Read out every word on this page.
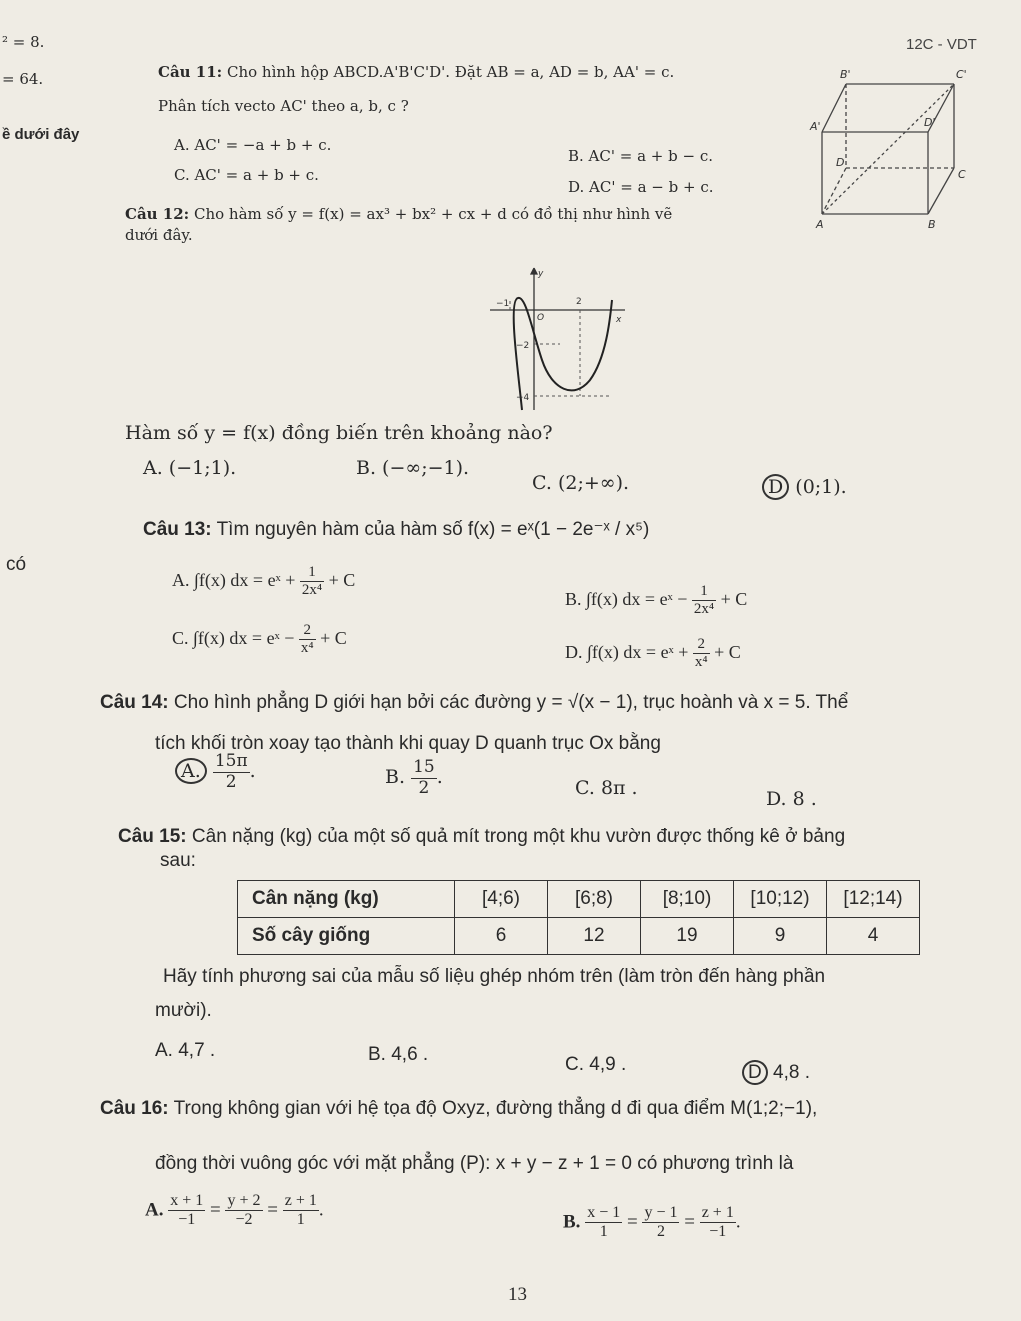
² = 8.
= 64.
ề dưới đây
có
12C - VDT
Câu 11: Cho hình hộp ABCD.A'B'C'D'. Đặt AB = a, AD = b, AA' = c.
Phân tích vecto AC' theo a, b, c ?
A. AC' = −a + b + c.
B. AC' = a + b − c.
C. AC' = a + b + c.
D. AC' = a − b + c.
B'	C'
A'	D'
D
C
A	B
Câu 12: Cho hàm số y = f(x) = ax³ + bx² + cx + d có đồ thị như hình vẽ
dưới đây.
y
x
O
−1	2
−2
−4
Hàm số y = f(x) đồng biến trên khoảng nào?
A. (−1;1).	B. (−∞;−1).
C. (2;+∞).	D (0;1).
Câu 13: Tìm nguyên hàm của hàm số f(x) = eˣ(1 − 2e⁻ˣ / x⁵)
A. ∫f(x) dx = eˣ + $\frac{1}{\text{2x⁴}} + C$
B. ∫f(x) dx = eˣ − $\frac{1}{\text{2x⁴}} + C$
C. ∫f(x) dx = eˣ − $\frac{2}{\text{x⁴}} + C$
D. ∫f(x) dx = eˣ + $\frac{2}{\text{x⁴}} + C$
Câu 14: Cho hình phẳng D giới hạn bởi các đường y = √(x − 1), trục hoành và x = 5. Thể
tích khối tròn xoay tạo thành khi quay D quanh trục Ox bằng
A. $\frac{15\pi}{2}$ .	B. $\frac{15}{2}$ .	C. 8π .	D. 8 .
Câu 15: Cân nặng (kg) của một số quả mít trong một khu vườn được thống kê ở bảng
sau:
Cân nặng (kg)	[4;6)	[6;8)	[8;10)	[10;12)	[12;14)
Số cây giống	6	12	19	9	4
Hãy tính phương sai của mẫu số liệu ghép nhóm trên (làm tròn đến hàng phần
mười).
A. 4,7 .	B. 4,6 .	C. 4,9 .	D 4,8 .
Câu 16: Trong không gian với hệ tọa độ Oxyz, đường thẳng d đi qua điểm M(1;2;−1),
đồng thời vuông góc với mặt phẳng (P): x + y − z + 1 = 0 có phương trình là
A. $\frac{x + 1}{-1} = \frac{y + 2}{-2} = \frac{z + 1}{1}$ .
B. $\frac{x - 1}{1} = \frac{y - 1}{2} = \frac{z + 1}{-1}$ .
13
